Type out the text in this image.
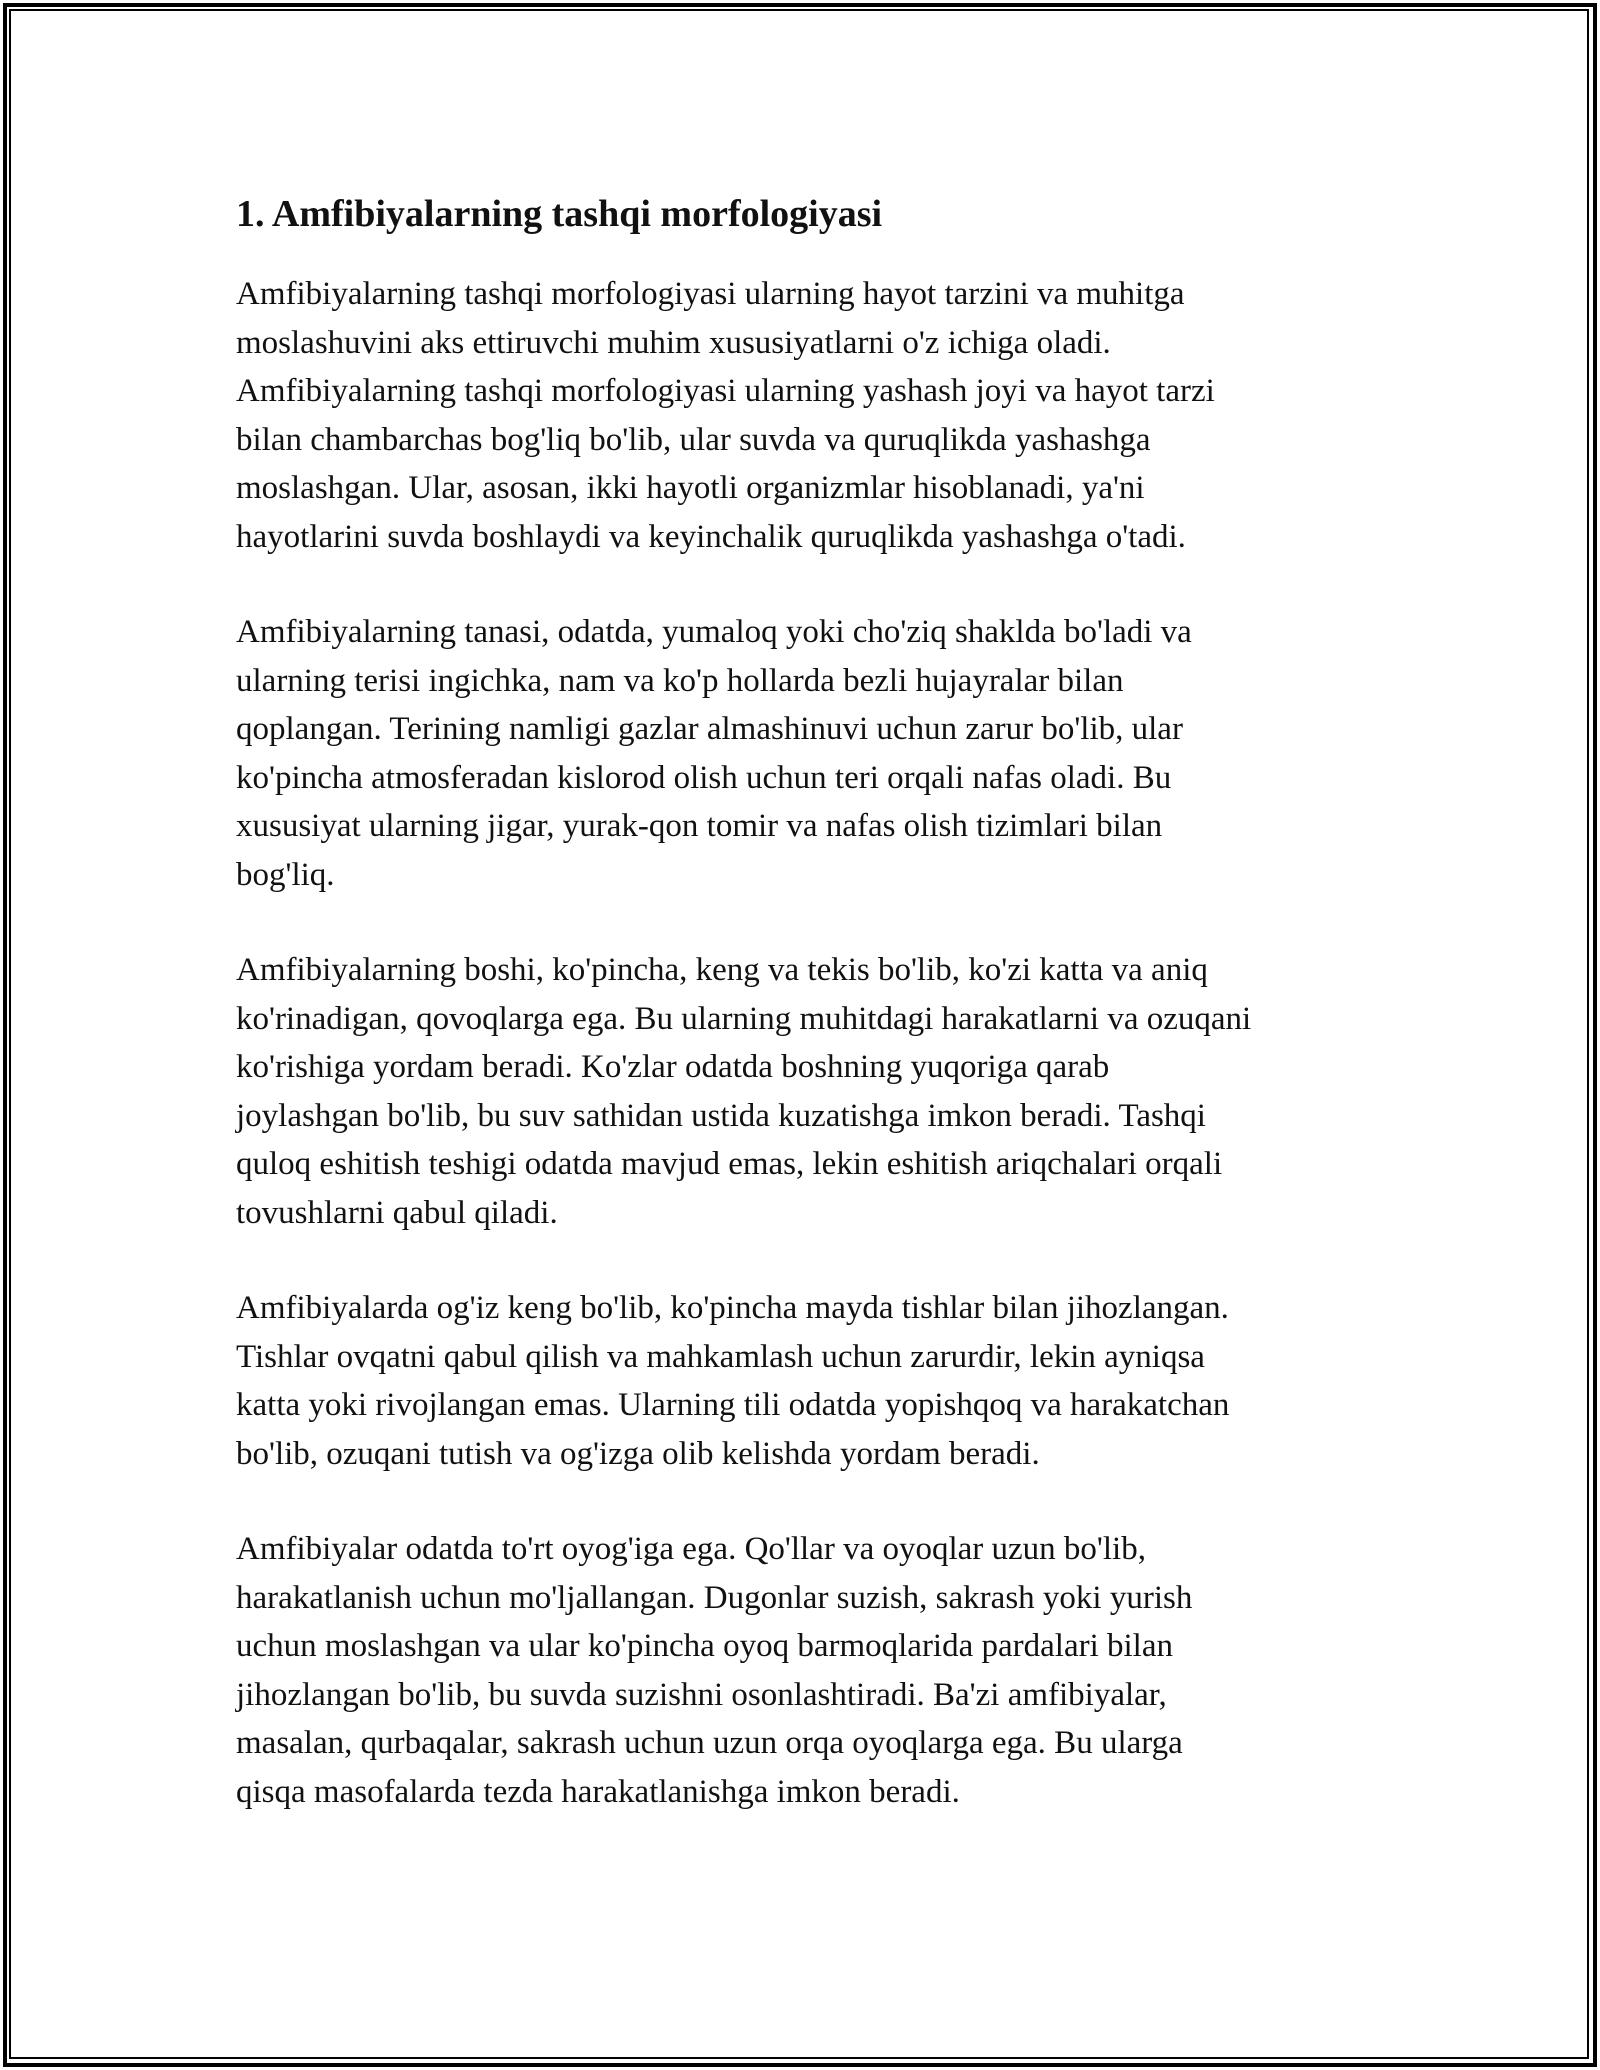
1. Amfibiyalarning tashqi morfologiyasi

Amfibiyalarning tashqi morfologiyasi ularning hayot tarzini va muhitga
moslashuvini aks ettiruvchi muhim xususiyatlarni o'z ichiga oladi.
Amfibiyalarning tashqi morfologiyasi ularning yashash joyi va hayot tarzi
bilan chambarchas bog'liq bo'lib, ular suvda va quruqlikda yashashga
moslashgan. Ular, asosan, ikki hayotli organizmlar hisoblanadi, ya'ni
hayotlarini suvda boshlaydi va keyinchalik quruqlikda yashashga o'tadi.

Amfibiyalarning tanasi, odatda, yumaloq yoki cho'ziq shaklda bo'ladi va
ularning terisi ingichka, nam va ko'p hollarda bezli hujayralar bilan
qoplangan. Terining namligi gazlar almashinuvi uchun zarur bo'lib, ular
ko'pincha atmosferadan kislorod olish uchun teri orqali nafas oladi. Bu
xususiyat ularning jigar, yurak-qon tomir va nafas olish tizimlari bilan
bog'liq.

Amfibiyalarning boshi, ko'pincha, keng va tekis bo'lib, ko'zi katta va aniq
ko'rinadigan, qovoqlarga ega. Bu ularning muhitdagi harakatlarni va ozuqani
ko'rishiga yordam beradi. Ko'zlar odatda boshning yuqoriga qarab
joylashgan bo'lib, bu suv sathidan ustida kuzatishga imkon beradi. Tashqi
quloq eshitish teshigi odatda mavjud emas, lekin eshitish ariqchalari orqali
tovushlarni qabul qiladi.

Amfibiyalarda og'iz keng bo'lib, ko'pincha mayda tishlar bilan jihozlangan.
Tishlar ovqatni qabul qilish va mahkamlash uchun zarurdir, lekin ayniqsa
katta yoki rivojlangan emas. Ularning tili odatda yopishqoq va harakatchan
bo'lib, ozuqani tutish va og'izga olib kelishda yordam beradi.

Amfibiyalar odatda to'rt oyog'iga ega. Qo'llar va oyoqlar uzun bo'lib,
harakatlanish uchun mo'ljallangan. Dugonlar suzish, sakrash yoki yurish
uchun moslashgan va ular ko'pincha oyoq barmoqlarida pardalari bilan
jihozlangan bo'lib, bu suvda suzishni osonlashtiradi. Ba'zi amfibiyalar,
masalan, qurbaqalar, sakrash uchun uzun orqa oyoqlarga ega. Bu ularga
qisqa masofalarda tezda harakatlanishga imkon beradi.
